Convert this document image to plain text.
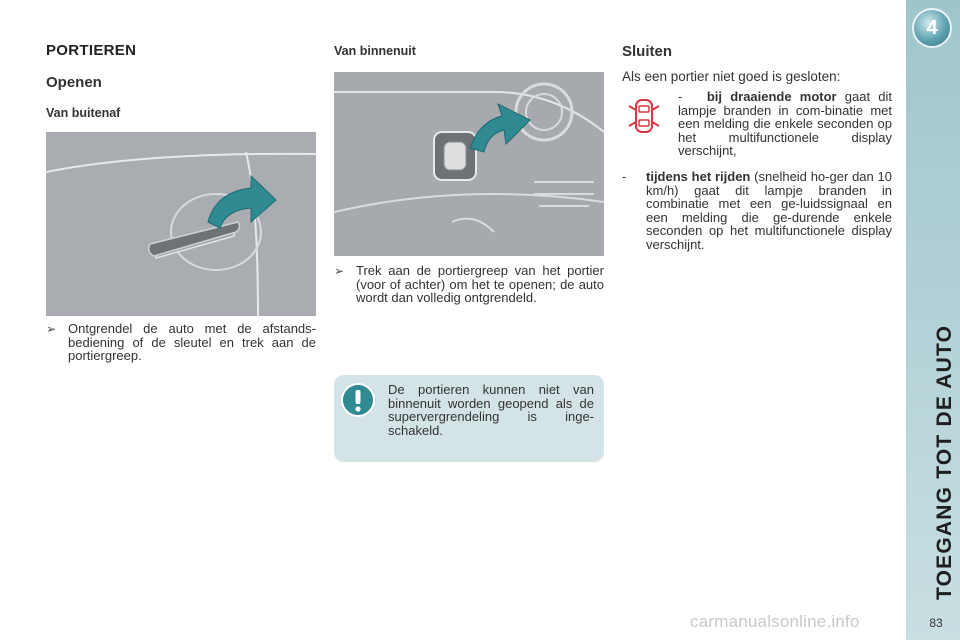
PORTIEREN
Openen
Van buitenaf
➢ Ontgrendel de auto met de afstands-bediening of de sleutel en trek aan de portiergreep.
Van binnenuit
➢ Trek aan de portiergreep van het portier (voor of achter) om het te openen; de auto wordt dan volledig ontgrendeld.
De portieren kunnen niet van binnenuit worden geopend als de supervergrendeling is inge-schakeld.
Sluiten
Als een portier niet goed is gesloten:
- bij draaiende motor gaat dit lampje branden in com-binatie met een melding die enkele seconden op het multifunctionele display verschijnt,
-	tijdens het rijden (snelheid ho-ger dan 10 km/h) gaat dit lampje branden in combinatie met een ge-luidssignaal en een melding die ge-durende enkele seconden op het multifunctionele display verschijnt.
4
TOEGANG TOT DE AUTO
83
carmanualsonline.info
